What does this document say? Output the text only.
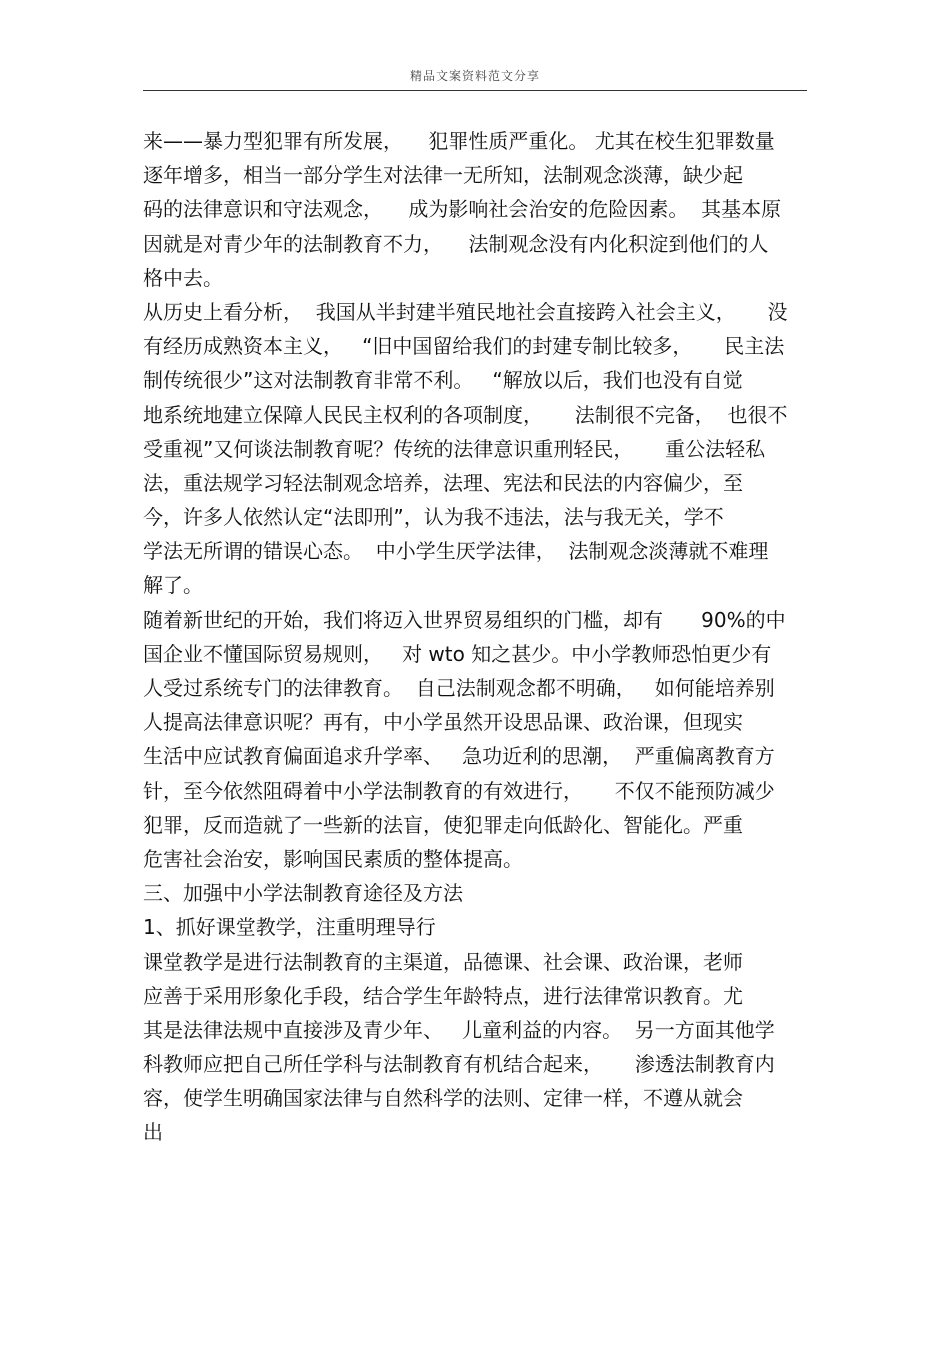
精品文案资料范文分享
来——暴力型犯罪有所发展，    犯罪性质严重化。 尤其在校生犯罪数量
逐年增多，相当一部分学生对法律一无所知，法制观念淡薄，缺少起
码的法律意识和守法观念，    成为影响社会治安的危险因素。  其基本原
因就是对青少年的法制教育不力，    法制观念没有内化积淀到他们的人
格中去。
从历史上看分析，  我国从半封建半殖民地社会直接跨入社会主义，     没
有经历成熟资本主义，   “旧中国留给我们的封建专制比较多，     民主法
制传统很少”这对法制教育非常不利。   “解放以后，我们也没有自觉
地系统地建立保障人民民主权利的各项制度，     法制很不完备，  也很不
受重视”又何谈法制教育呢？传统的法律意识重刑轻民，     重公法轻私
法，重法规学习轻法制观念培养，法理、宪法和民法的内容偏少，至
今，许多人依然认定“法即刑”，认为我不违法，法与我无关，学不
学法无所谓的错误心态。  中小学生厌学法律，  法制观念淡薄就不难理
解了。
随着新世纪的开始，我们将迈入世界贸易组织的门槛，却有      90%的中
国企业不懂国际贸易规则，   对 wto 知之甚少。中小学教师恐怕更少有
人受过系统专门的法律教育。  自己法制观念都不明确，   如何能培养别
人提高法律意识呢？再有，中小学虽然开设思品课、政治课，但现实
生活中应试教育偏面追求升学率、   急功近利的思潮，  严重偏离教育方
针，至今依然阻碍着中小学法制教育的有效进行，     不仅不能预防减少
犯罪，反而造就了一些新的法盲，使犯罪走向低龄化、智能化。严重
危害社会治安，影响国民素质的整体提高。
三、加强中小学法制教育途径及方法
1、抓好课堂教学，注重明理导行
课堂教学是进行法制教育的主渠道，品德课、社会课、政治课，老师
应善于采用形象化手段，结合学生年龄特点，进行法律常识教育。尤
其是法律法规中直接涉及青少年、   儿童利益的内容。  另一方面其他学
科教师应把自己所任学科与法制教育有机结合起来，     渗透法制教育内
容，使学生明确国家法律与自然科学的法则、定律一样，不遵从就会
出
